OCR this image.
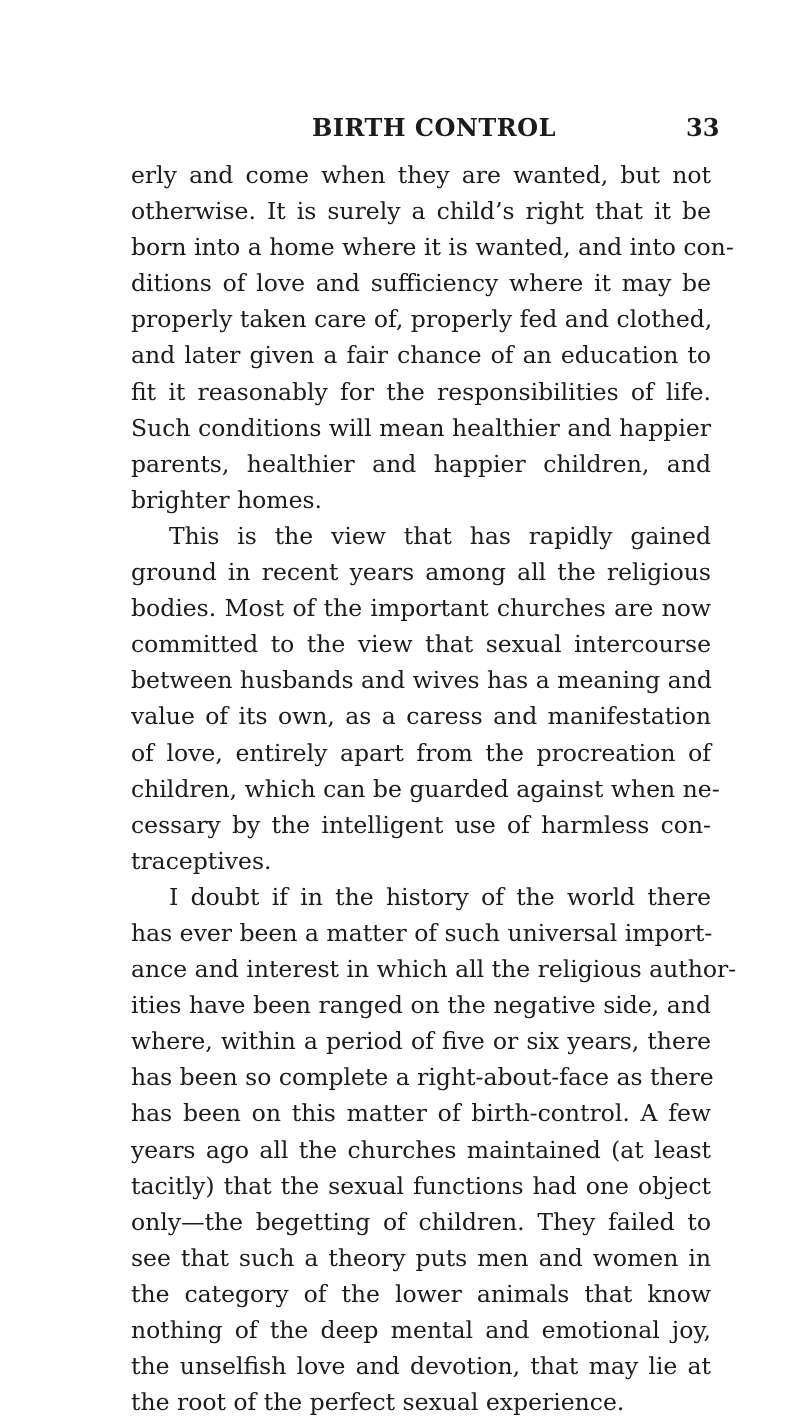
BIRTH CONTROL	33
erly and come when they are wanted, but not
otherwise. It is surely a child’s right that it be
born into a home where it is wanted, and into con-
ditions of love and sufficiency where it may be
properly taken care of, properly fed and clothed,
and later given a fair chance of an education to
fit it reasonably for the responsibilities of life.
Such conditions will mean healthier and happier
parents, healthier and happier children, and
brighter homes.
This is the view that has rapidly gained
ground in recent years among all the religious
bodies. Most of the important churches are now
committed to the view that sexual intercourse
between husbands and wives has a meaning and
value of its own, as a caress and manifestation
of love, entirely apart from the procreation of
children, which can be guarded against when ne-
cessary by the intelligent use of harmless con-
traceptives.
I doubt if in the history of the world there
has ever been a matter of such universal import-
ance and interest in which all the religious author-
ities have been ranged on the negative side, and
where, within a period of five or six years, there
has been so complete a right-about-face as there
has been on this matter of birth-control. A few
years ago all the churches maintained (at least
tacitly) that the sexual functions had one object
only—the begetting of children. They failed to
see that such a theory puts men and women in
the category of the lower animals that know
nothing of the deep mental and emotional joy,
the unselfish love and devotion, that may lie at
the root of the perfect sexual experience.
